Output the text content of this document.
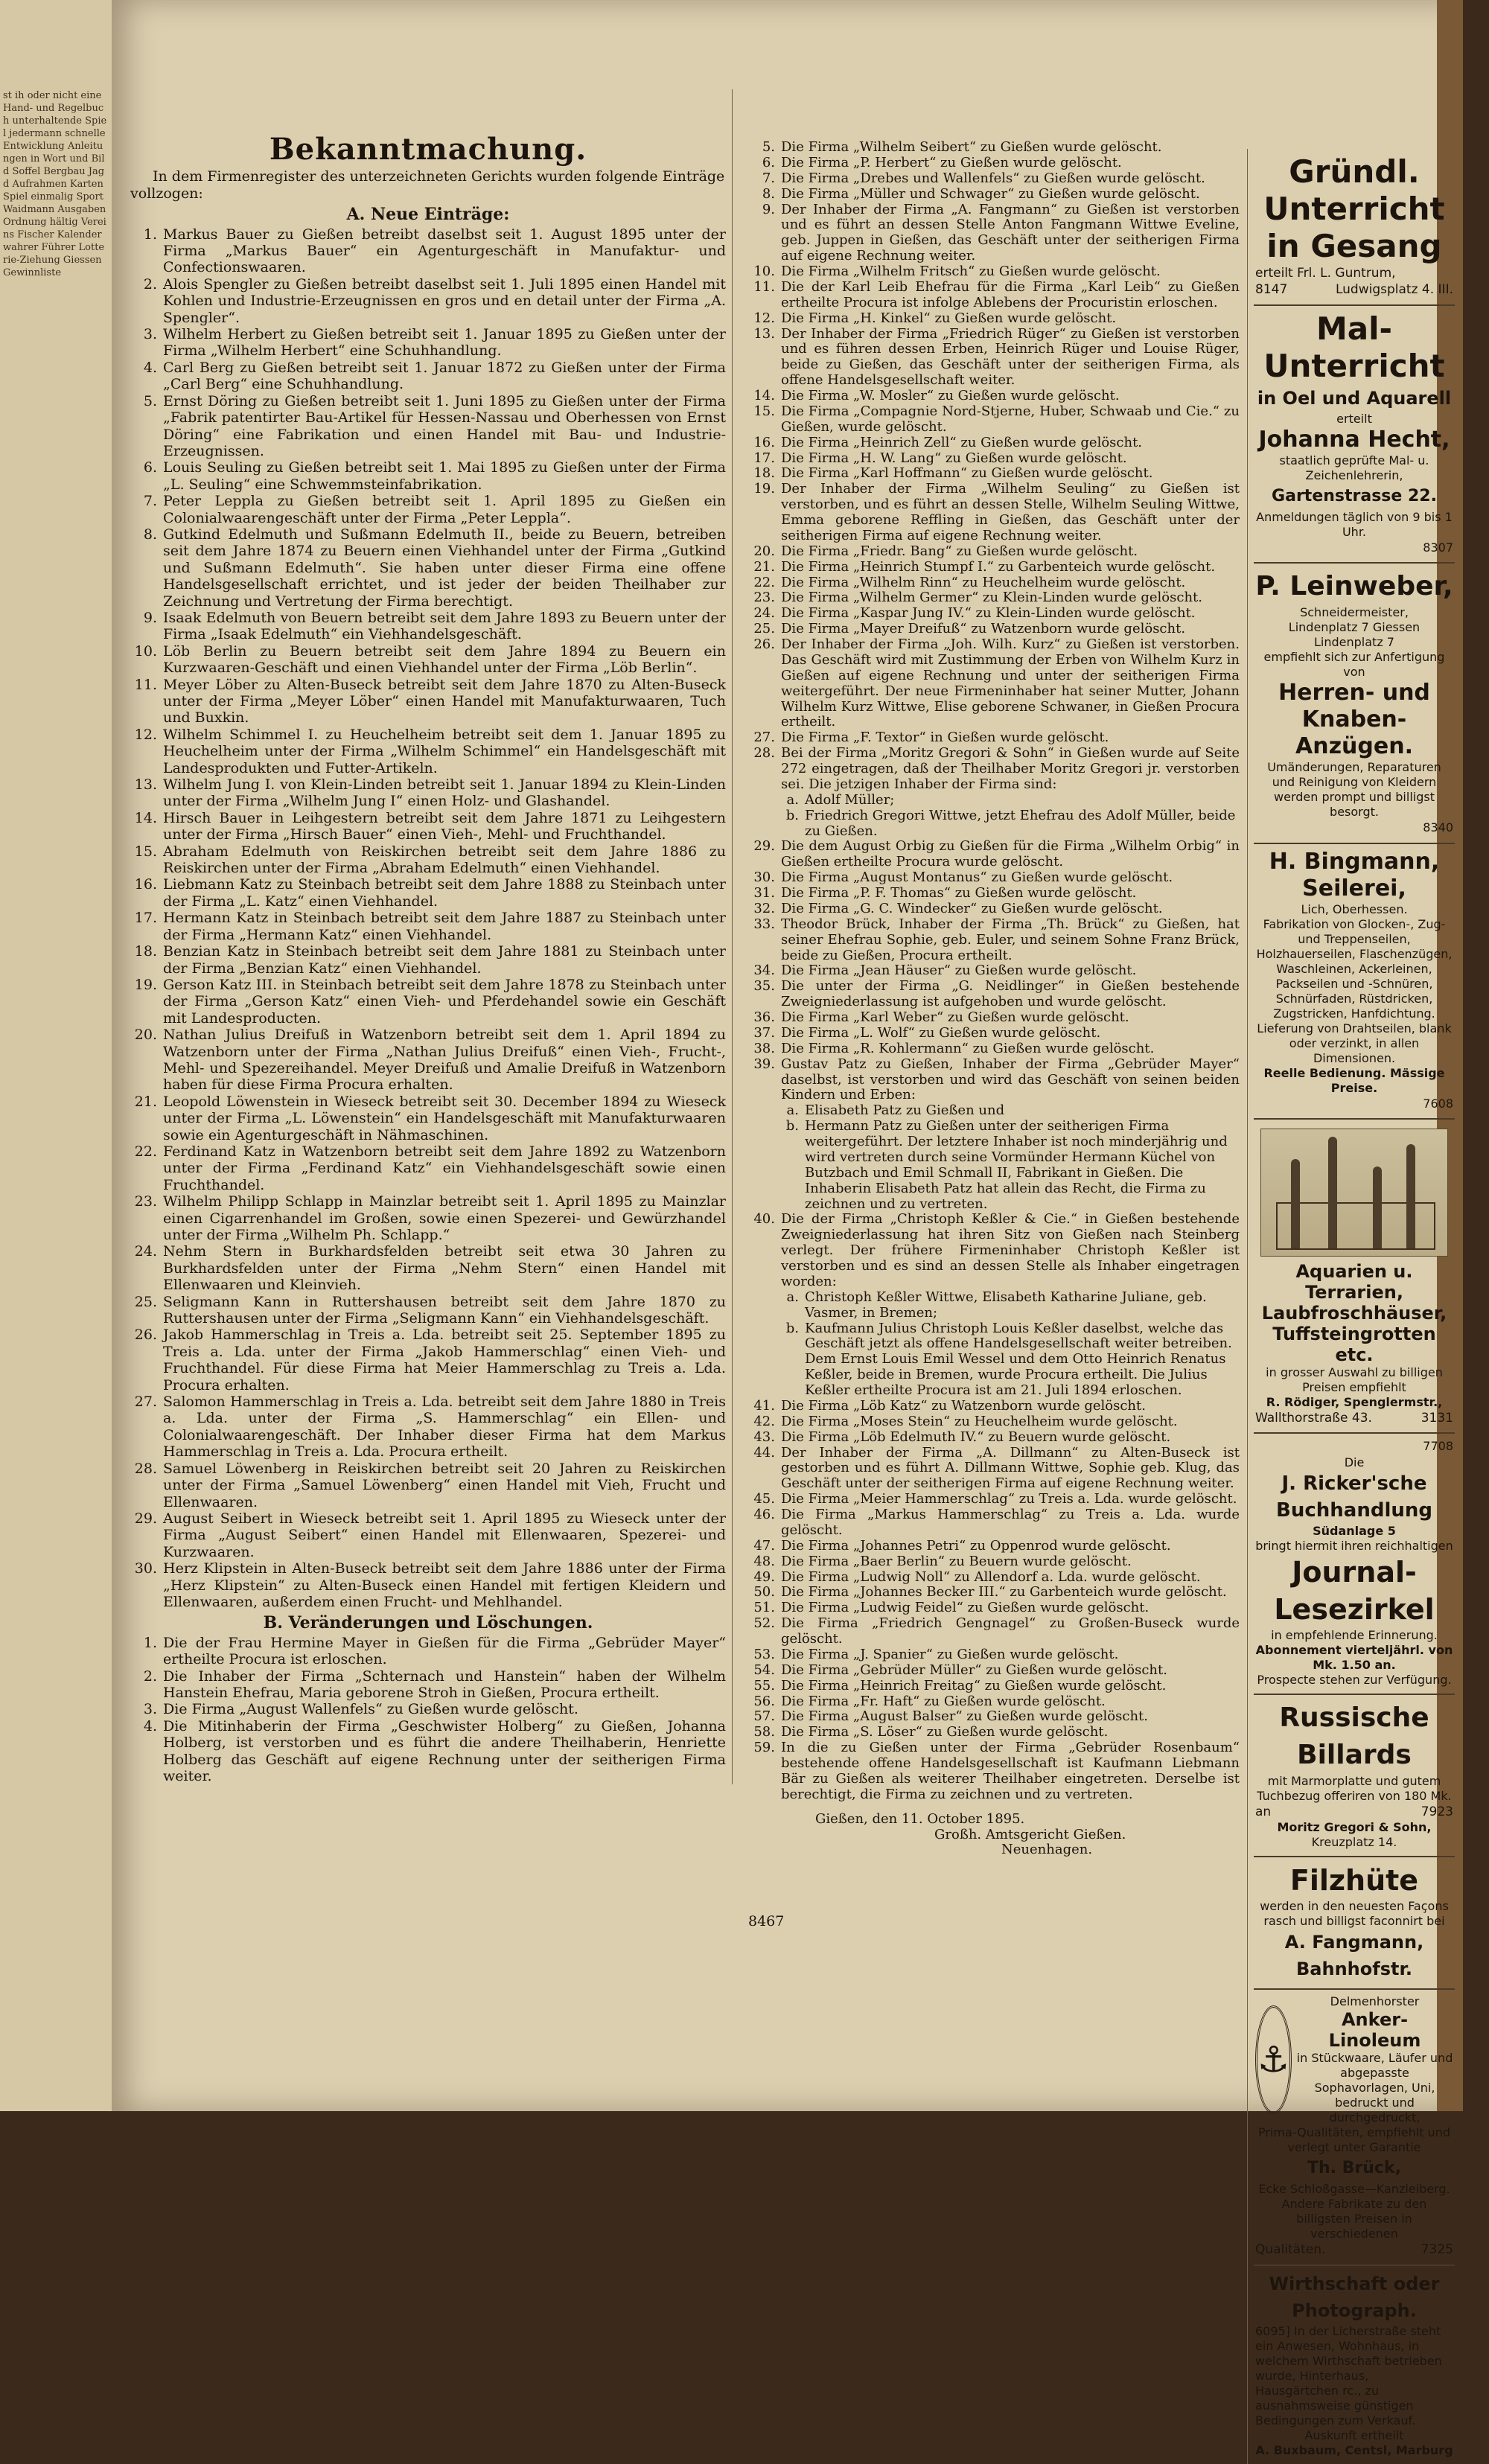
st ih oder nicht eine Hand- und Regelbuch unterhaltende Spiel jedermann schnelle Entwicklung Anleitungen in Wort und Bild Soffel Bergbau Jagd Aufrahmen Karten Spiel einmalig Sport Waidmann Ausgaben Ordnung hältig Vereins Fischer Kalender wahrer Führer Lotterie-Ziehung Giessen Gewinnliste
Bekanntmachung.
In dem Firmenregister des unterzeichneten Gerichts wurden folgende Einträge vollzogen:
A. Neue Einträge:
1. Markus Bauer zu Gießen betreibt daselbst seit 1. August 1895 unter der Firma „Markus Bauer“ ein Agenturgeschäft in Manufaktur- und Confectionswaaren.
2. Alois Spengler zu Gießen betreibt daselbst seit 1. Juli 1895 einen Handel mit Kohlen und Industrie-Erzeugnissen en gros und en detail unter der Firma „A. Spengler“.
3. Wilhelm Herbert zu Gießen betreibt seit 1. Januar 1895 zu Gießen unter der Firma „Wilhelm Herbert“ eine Schuhhandlung.
4. Carl Berg zu Gießen betreibt seit 1. Januar 1872 zu Gießen unter der Firma „Carl Berg“ eine Schuhhandlung.
5. Ernst Döring zu Gießen betreibt seit 1. Juni 1895 zu Gießen unter der Firma „Fabrik patentirter Bau-Artikel für Hessen-Nassau und Oberhessen von Ernst Döring“ eine Fabrikation und einen Handel mit Bau- und Industrie-Erzeugnissen.
6. Louis Seuling zu Gießen betreibt seit 1. Mai 1895 zu Gießen unter der Firma „L. Seuling“ eine Schwemmsteinfabrikation.
7. Peter Leppla zu Gießen betreibt seit 1. April 1895 zu Gießen ein Colonialwaarengeschäft unter der Firma „Peter Leppla“.
8. Gutkind Edelmuth und Sußmann Edelmuth II., beide zu Beuern, betreiben seit dem Jahre 1874 zu Beuern einen Viehhandel unter der Firma „Gutkind und Sußmann Edelmuth“. Sie haben unter dieser Firma eine offene Handelsgesellschaft errichtet, und ist jeder der beiden Theilhaber zur Zeichnung und Vertretung der Firma berechtigt.
9. Isaak Edelmuth von Beuern betreibt seit dem Jahre 1893 zu Beuern unter der Firma „Isaak Edelmuth“ ein Viehhandelsgeschäft.
10. Löb Berlin zu Beuern betreibt seit dem Jahre 1894 zu Beuern ein Kurzwaaren-Geschäft und einen Viehhandel unter der Firma „Löb Berlin“.
11. Meyer Löber zu Alten-Buseck betreibt seit dem Jahre 1870 zu Alten-Buseck unter der Firma „Meyer Löber“ einen Handel mit Manufakturwaaren, Tuch und Buxkin.
12. Wilhelm Schimmel I. zu Heuchelheim betreibt seit dem 1. Januar 1895 zu Heuchelheim unter der Firma „Wilhelm Schimmel“ ein Handelsgeschäft mit Landesprodukten und Futter-Artikeln.
13. Wilhelm Jung I. von Klein-Linden betreibt seit 1. Januar 1894 zu Klein-Linden unter der Firma „Wilhelm Jung I“ einen Holz- und Glashandel.
14. Hirsch Bauer in Leihgestern betreibt seit dem Jahre 1871 zu Leihgestern unter der Firma „Hirsch Bauer“ einen Vieh-, Mehl- und Fruchthandel.
15. Abraham Edelmuth von Reiskirchen betreibt seit dem Jahre 1886 zu Reiskirchen unter der Firma „Abraham Edelmuth“ einen Viehhandel.
16. Liebmann Katz zu Steinbach betreibt seit dem Jahre 1888 zu Steinbach unter der Firma „L. Katz“ einen Viehhandel.
17. Hermann Katz in Steinbach betreibt seit dem Jahre 1887 zu Steinbach unter der Firma „Hermann Katz“ einen Viehhandel.
18. Benzian Katz in Steinbach betreibt seit dem Jahre 1881 zu Steinbach unter der Firma „Benzian Katz“ einen Viehhandel.
19. Gerson Katz III. in Steinbach betreibt seit dem Jahre 1878 zu Steinbach unter der Firma „Gerson Katz“ einen Vieh- und Pferdehandel sowie ein Geschäft mit Landesproducten.
20. Nathan Julius Dreifuß in Watzenborn betreibt seit dem 1. April 1894 zu Watzenborn unter der Firma „Nathan Julius Dreifuß“ einen Vieh-, Frucht-, Mehl- und Spezereihandel. Meyer Dreifuß und Amalie Dreifuß in Watzenborn haben für diese Firma Procura erhalten.
21. Leopold Löwenstein in Wieseck betreibt seit 30. December 1894 zu Wieseck unter der Firma „L. Löwenstein“ ein Handelsgeschäft mit Manufakturwaaren sowie ein Agenturgeschäft in Nähmaschinen.
22. Ferdinand Katz in Watzenborn betreibt seit dem Jahre 1892 zu Watzenborn unter der Firma „Ferdinand Katz“ ein Viehhandelsgeschäft sowie einen Fruchthandel.
23. Wilhelm Philipp Schlapp in Mainzlar betreibt seit 1. April 1895 zu Mainzlar einen Cigarrenhandel im Großen, sowie einen Spezerei- und Gewürzhandel unter der Firma „Wilhelm Ph. Schlapp.“
24. Nehm Stern in Burkhardsfelden betreibt seit etwa 30 Jahren zu Burkhardsfelden unter der Firma „Nehm Stern“ einen Handel mit Ellenwaaren und Kleinvieh.
25. Seligmann Kann in Ruttershausen betreibt seit dem Jahre 1870 zu Ruttershausen unter der Firma „Seligmann Kann“ ein Viehhandelsgeschäft.
26. Jakob Hammerschlag in Treis a. Lda. betreibt seit 25. September 1895 zu Treis a. Lda. unter der Firma „Jakob Hammerschlag“ einen Vieh- und Fruchthandel. Für diese Firma hat Meier Hammerschlag zu Treis a. Lda. Procura erhalten.
27. Salomon Hammerschlag in Treis a. Lda. betreibt seit dem Jahre 1880 in Treis a. Lda. unter der Firma „S. Hammerschlag“ ein Ellen- und Colonialwaarengeschäft. Der Inhaber dieser Firma hat dem Markus Hammerschlag in Treis a. Lda. Procura ertheilt.
28. Samuel Löwenberg in Reiskirchen betreibt seit 20 Jahren zu Reiskirchen unter der Firma „Samuel Löwenberg“ einen Handel mit Vieh, Frucht und Ellenwaaren.
29. August Seibert in Wieseck betreibt seit 1. April 1895 zu Wieseck unter der Firma „August Seibert“ einen Handel mit Ellenwaaren, Spezerei- und Kurzwaaren.
30. Herz Klipstein in Alten-Buseck betreibt seit dem Jahre 1886 unter der Firma „Herz Klipstein“ zu Alten-Buseck einen Handel mit fertigen Kleidern und Ellenwaaren, außerdem einen Frucht- und Mehlhandel.
B. Veränderungen und Löschungen.
1. Die der Frau Hermine Mayer in Gießen für die Firma „Gebrüder Mayer“ ertheilte Procura ist erloschen.
2. Die Inhaber der Firma „Schternach und Hanstein“ haben der Wilhelm Hanstein Ehefrau, Maria geborene Stroh in Gießen, Procura ertheilt.
3. Die Firma „August Wallenfels“ zu Gießen wurde gelöscht.
4. Die Mitinhaberin der Firma „Geschwister Holberg“ zu Gießen, Johanna Holberg, ist verstorben und es führt die andere Theilhaberin, Henriette Holberg das Geschäft auf eigene Rechnung unter der seitherigen Firma weiter.
5. Die Firma „Wilhelm Seibert“ zu Gießen wurde gelöscht.
6. Die Firma „P. Herbert“ zu Gießen wurde gelöscht.
7. Die Firma „Drebes und Wallenfels“ zu Gießen wurde gelöscht.
8. Die Firma „Müller und Schwager“ zu Gießen wurde gelöscht.
9. Der Inhaber der Firma „A. Fangmann“ zu Gießen ist verstorben und es führt an dessen Stelle Anton Fangmann Wittwe Eveline, geb. Juppen in Gießen, das Geschäft unter der seitherigen Firma auf eigene Rechnung weiter.
10. Die Firma „Wilhelm Fritsch“ zu Gießen wurde gelöscht.
11. Die der Karl Leib Ehefrau für die Firma „Karl Leib“ zu Gießen ertheilte Procura ist infolge Ablebens der Procuristin erloschen.
12. Die Firma „H. Kinkel“ zu Gießen wurde gelöscht.
13. Der Inhaber der Firma „Friedrich Rüger“ zu Gießen ist verstorben und es führen dessen Erben, Heinrich Rüger und Louise Rüger, beide zu Gießen, das Geschäft unter der seitherigen Firma, als offene Handelsgesellschaft weiter.
14. Die Firma „W. Mosler“ zu Gießen wurde gelöscht.
15. Die Firma „Compagnie Nord-Stjerne, Huber, Schwaab und Cie.“ zu Gießen, wurde gelöscht.
16. Die Firma „Heinrich Zell“ zu Gießen wurde gelöscht.
17. Die Firma „H. W. Lang“ zu Gießen wurde gelöscht.
18. Die Firma „Karl Hoffmann“ zu Gießen wurde gelöscht.
19. Der Inhaber der Firma „Wilhelm Seuling“ zu Gießen ist verstorben, und es führt an dessen Stelle, Wilhelm Seuling Wittwe, Emma geborene Reffling in Gießen, das Geschäft unter der seitherigen Firma auf eigene Rechnung weiter.
20. Die Firma „Friedr. Bang“ zu Gießen wurde gelöscht.
21. Die Firma „Heinrich Stumpf I.“ zu Garbenteich wurde gelöscht.
22. Die Firma „Wilhelm Rinn“ zu Heuchelheim wurde gelöscht.
23. Die Firma „Wilhelm Germer“ zu Klein-Linden wurde gelöscht.
24. Die Firma „Kaspar Jung IV.“ zu Klein-Linden wurde gelöscht.
25. Die Firma „Mayer Dreifuß“ zu Watzenborn wurde gelöscht.
26. Der Inhaber der Firma „Joh. Wilh. Kurz“ zu Gießen ist verstorben. Das Geschäft wird mit Zustimmung der Erben von Wilhelm Kurz in Gießen auf eigene Rechnung und unter der seitherigen Firma weitergeführt. Der neue Firmeninhaber hat seiner Mutter, Johann Wilhelm Kurz Wittwe, Elise geborene Schwaner, in Gießen Procura ertheilt.
27. Die Firma „F. Textor“ in Gießen wurde gelöscht.
28. Bei der Firma „Moritz Gregori & Sohn“ in Gießen wurde auf Seite 272 eingetragen, daß der Theilhaber Moritz Gregori jr. verstorben sei. Die jetzigen Inhaber der Firma sind:
a. Adolf Müller;
b. Friedrich Gregori Wittwe, jetzt Ehefrau des Adolf Müller, beide zu Gießen.
29. Die dem August Orbig zu Gießen für die Firma „Wilhelm Orbig“ in Gießen ertheilte Procura wurde gelöscht.
30. Die Firma „August Montanus“ zu Gießen wurde gelöscht.
31. Die Firma „P. F. Thomas“ zu Gießen wurde gelöscht.
32. Die Firma „G. C. Windecker“ zu Gießen wurde gelöscht.
33. Theodor Brück, Inhaber der Firma „Th. Brück“ zu Gießen, hat seiner Ehefrau Sophie, geb. Euler, und seinem Sohne Franz Brück, beide zu Gießen, Procura ertheilt.
34. Die Firma „Jean Häuser“ zu Gießen wurde gelöscht.
35. Die unter der Firma „G. Neidlinger“ in Gießen bestehende Zweigniederlassung ist aufgehoben und wurde gelöscht.
36. Die Firma „Karl Weber“ zu Gießen wurde gelöscht.
37. Die Firma „L. Wolf“ zu Gießen wurde gelöscht.
38. Die Firma „R. Kohlermann“ zu Gießen wurde gelöscht.
39. Gustav Patz zu Gießen, Inhaber der Firma „Gebrüder Mayer“ daselbst, ist verstorben und wird das Geschäft von seinen beiden Kindern und Erben:
a. Elisabeth Patz zu Gießen und
b. Hermann Patz zu Gießen unter der seitherigen Firma weitergeführt. Der letztere Inhaber ist noch minderjährig und wird vertreten durch seine Vormünder Hermann Küchel von Butzbach und Emil Schmall II, Fabrikant in Gießen. Die Inhaberin Elisabeth Patz hat allein das Recht, die Firma zu zeichnen und zu vertreten.
40. Die der Firma „Christoph Keßler & Cie.“ in Gießen bestehende Zweigniederlassung hat ihren Sitz von Gießen nach Steinberg verlegt. Der frühere Firmeninhaber Christoph Keßler ist verstorben und es sind an dessen Stelle als Inhaber eingetragen worden:
a. Christoph Keßler Wittwe, Elisabeth Katharine Juliane, geb. Vasmer, in Bremen;
b. Kaufmann Julius Christoph Louis Keßler daselbst, welche das Geschäft jetzt als offene Handelsgesellschaft weiter betreiben. Dem Ernst Louis Emil Wessel und dem Otto Heinrich Renatus Keßler, beide in Bremen, wurde Procura ertheilt. Die Julius Keßler ertheilte Procura ist am 21. Juli 1894 erloschen.
41. Die Firma „Löb Katz“ zu Watzenborn wurde gelöscht.
42. Die Firma „Moses Stein“ zu Heuchelheim wurde gelöscht.
43. Die Firma „Löb Edelmuth IV.“ zu Beuern wurde gelöscht.
44. Der Inhaber der Firma „A. Dillmann“ zu Alten-Buseck ist gestorben und es führt A. Dillmann Wittwe, Sophie geb. Klug, das Geschäft unter der seitherigen Firma auf eigene Rechnung weiter.
45. Die Firma „Meier Hammerschlag“ zu Treis a. Lda. wurde gelöscht.
46. Die Firma „Markus Hammerschlag“ zu Treis a. Lda. wurde gelöscht.
47. Die Firma „Johannes Petri“ zu Oppenrod wurde gelöscht.
48. Die Firma „Baer Berlin“ zu Beuern wurde gelöscht.
49. Die Firma „Ludwig Noll“ zu Allendorf a. Lda. wurde gelöscht.
50. Die Firma „Johannes Becker III.“ zu Garbenteich wurde gelöscht.
51. Die Firma „Ludwig Feidel“ zu Gießen wurde gelöscht.
52. Die Firma „Friedrich Gengnagel“ zu Großen-Buseck wurde gelöscht.
53. Die Firma „J. Spanier“ zu Gießen wurde gelöscht.
54. Die Firma „Gebrüder Müller“ zu Gießen wurde gelöscht.
55. Die Firma „Heinrich Freitag“ zu Gießen wurde gelöscht.
56. Die Firma „Fr. Haft“ zu Gießen wurde gelöscht.
57. Die Firma „August Balser“ zu Gießen wurde gelöscht.
58. Die Firma „S. Löser“ zu Gießen wurde gelöscht.
59. In die zu Gießen unter der Firma „Gebrüder Rosenbaum“ bestehende offene Handelsgesellschaft ist Kaufmann Liebmann Bär zu Gießen als weiterer Theilhaber eingetreten. Derselbe ist berechtigt, die Firma zu zeichnen und zu vertreten.
Gießen, den 11. October 1895.
Großh. Amtsgericht Gießen.
Neuenhagen.
8467
Gründl. Unterricht in Gesang
erteilt Frl. L. Guntrum,
8147	Ludwigsplatz 4. III.
Mal-Unterricht
in Oel und Aquarell
erteilt
Johanna Hecht,
staatlich geprüfte Mal- u. Zeichenlehrerin,
Gartenstrasse 22.
Anmeldungen täglich von 9 bis 1 Uhr.
8307
P. Leinweber,
Schneidermeister,
Lindenplatz 7 Giessen Lindenplatz 7
empfiehlt sich zur Anfertigung von
Herren- und Knaben-Anzügen.
Umänderungen, Reparaturen und Reinigung von Kleidern werden prompt und billigst besorgt.
8340
H. Bingmann, Seilerei,
Lich, Oberhessen.
Fabrikation von Glocken-, Zug- und Treppenseilen, Holzhauerseilen, Flaschenzügen, Waschleinen, Ackerleinen, Packseilen und -Schnüren, Schnürfaden, Rüstdricken, Zugstricken, Hanfdichtung.
Lieferung von Drahtseilen, blank oder verzinkt, in allen Dimensionen.
Reelle Bedienung. Mässige Preise.
7608
Aquarien u. Terrarien, Laubfroschhäuser, Tuffsteingrotten etc.
in grosser Auswahl zu billigen Preisen empfiehlt
R. Rödiger, Spenglermstr.,
Wallthorstraße 43.	3131
7708
Die
J. Ricker'sche Buchhandlung
Südanlage 5
bringt hiermit ihren reichhaltigen
Journal-Lesezirkel
in empfehlende Erinnerung.
Abonnement vierteljährl. von Mk. 1.50 an.
Prospecte stehen zur Verfügung.
Russische Billards
mit Marmorplatte und gutem
Tuchbezug offeriren von 180 Mk.
an	7923
Moritz Gregori & Sohn,
Kreuzplatz 14.
Filzhüte
werden in den neuesten Façons
rasch und billigst faconnirt bei
A. Fangmann, Bahnhofstr.
⚓
Delmenhorster
Anker-Linoleum
in Stückwaare, Läufer und abgepasste Sophavorlagen, Uni, bedruckt und durchgedruckt,
Prima-Qualitäten, empfiehlt und verlegt unter Garantie
Th. Brück,
Ecke Schloßgasse—Kanzleiberg.
Andere Fabrikate zu den billigsten Preisen in verschiedenen
Qualitäten.	7325
Wirthschaft oder Photograph.
6095] In der Licherstraße steht ein Anwesen, Wohnhaus, in welchem Wirthschaft betrieben wurde, Hinterhaus, Hausgärtchen rc., zu ausnahmsweise günstigen Bedingungen zum Verkauf.
Auskunft ertheilt
A. Buxbaum, Centsl, Marburg
